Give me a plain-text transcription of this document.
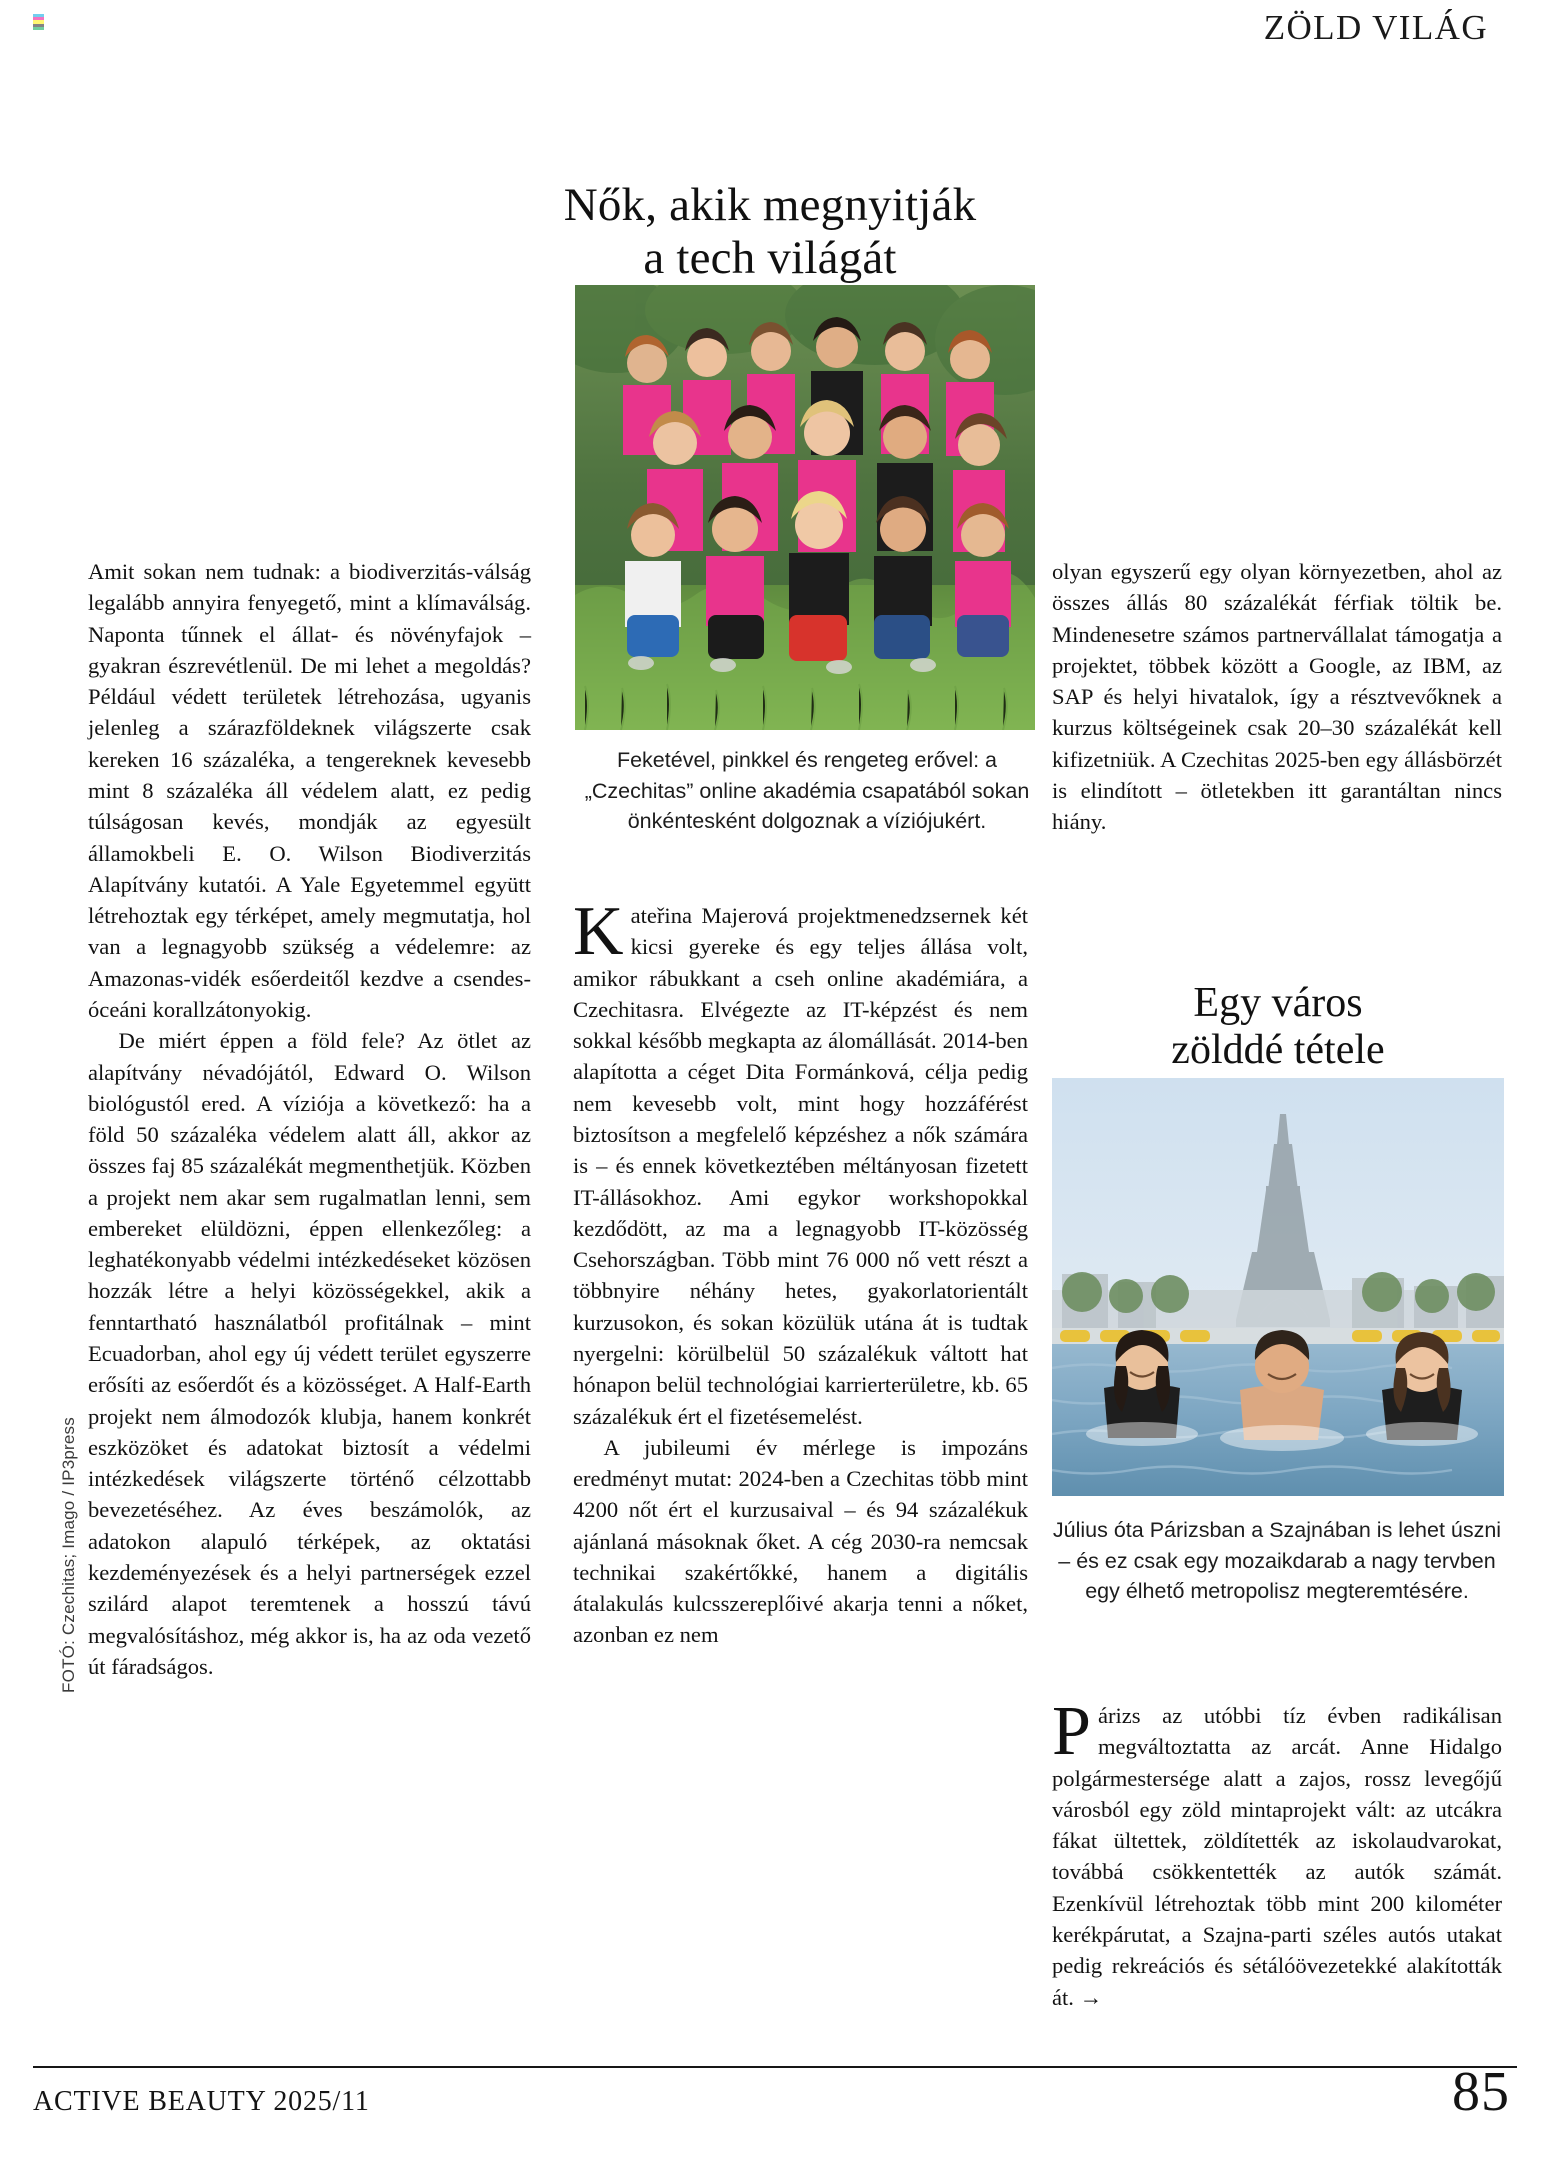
ZÖLD VILÁG
Nők, akik megnyitják
a tech világát
Feketével, pinkkel és rengeteg erővel: a „Czechitas” online akadémia csapatából sokan önkéntesként dolgoznak a víziójukért.

Amit sokan nem tudnak: a biodiverzitás-válság legalább annyira fenyegető, mint a klímaválság. Naponta tűnnek el állat- és növényfajok – gyakran észrevétlenül. De mi lehet a megoldás? Például védett területek létrehozása, ugyanis jelenleg a szárazföldeknek világszerte csak kereken 16 százaléka, a tengereknek kevesebb mint 8 százaléka áll védelem alatt, ez pedig túlságosan kevés, mondják az egyesült államokbeli E. O. Wilson Biodiverzitás Alapítvány kutatói. A Yale Egyetemmel együtt létrehoztak egy térképet, amely megmutatja, hol van a legnagyobb szükség a védelemre: az Amazonas-vidék esőerdeitől kezdve a csendes-óceáni korallzátonyokig.

De miért éppen a föld fele? Az ötlet az alapítvány névadójától, Edward O. Wilson biológustól ered. A víziója a következő: ha a föld 50 százaléka védelem alatt áll, akkor az összes faj 85 százalékát megmenthetjük. Közben a projekt nem akar sem rugalmatlan lenni, sem embereket elüldözni, éppen ellenkezőleg: a leghatékonyabb védelmi intézkedéseket közösen hozzák létre a helyi közösségekkel, akik a fenntartható használatból profitálnak – mint Ecuadorban, ahol egy új védett terület egyszerre erősíti az esőerdőt és a közösséget. A Half-Earth projekt nem álmodozók klubja, hanem konkrét eszközöket és adatokat biztosít a védelmi intézkedések világszerte történő célzottabb bevezetéséhez. Az éves beszámolók, az adatokon alapuló térképek, az oktatási kezdeményezések és a helyi partnerségek ezzel szilárd alapot teremtenek a hosszú távú megvalósításhoz, még akkor is, ha az oda vezető út fáradságos.

Kateřina Majerová projektmenedzsernek két kicsi gyereke és egy teljes állása volt, amikor rábukkant a cseh online akadémiára, a Czechitasra. Elvégezte az IT-képzést és nem sokkal később megkapta az álomállását. 2014-ben alapította a céget Dita Formánková, célja pedig nem kevesebb volt, mint hogy hozzáférést biztosítson a megfelelő képzéshez a nők számára is – és ennek következtében méltányosan fizetett IT-állásokhoz. Ami egykor workshopokkal kezdődött, az ma a legnagyobb IT-közösség Csehországban. Több mint 76 000 nő vett részt a többnyire néhány hetes, gyakorlatorientált kurzusokon, és sokan közülük utána át is tudtak nyergelni: körülbelül 50 százalékuk váltott hat hónapon belül technológiai karrierterületre, kb. 65 százalékuk ért el fizetésemelést.

A jubileumi év mérlege is impozáns eredményt mutat: 2024-ben a Czechitas több mint 4200 nőt ért el kurzusaival – és 94 százalékuk ajánlaná másoknak őket. A cég 2030-ra nemcsak technikai szakértőkké, hanem a digitális átalakulás kulcsszereplőivé akarja tenni a nőket, azonban ez nem

olyan egyszerű egy olyan környezetben, ahol az összes állás 80 százalékát férfiak töltik be. Mindenesetre számos partnervállalat támogatja a projektet, többek között a Google, az IBM, az SAP és helyi hivatalok, így a résztvevőknek a kurzus költségeinek csak 20–30 százalékát kell kifizetniük. A Czechitas 2025-ben egy állásbörzét is elindított – ötletekben itt garantáltan nincs hiány.

Egy város
zölddé tétele
Július óta Párizsban a Szajnában is lehet úszni – és ez csak egy mozaikdarab a nagy tervben egy élhető metropolisz megteremtésére.

Párizs az utóbbi tíz évben radikálisan megváltoztatta az arcát. Anne Hidalgo polgármestersége alatt a zajos, rossz levegőjű városból egy zöld mintaprojekt vált: az utcákra fákat ültettek, zöldítették az iskolaudvarokat, továbbá csökkentették az autók számát. Ezenkívül létrehoztak több mint 200 kilométer kerékpárutat, a Szajna-parti széles autós utakat pedig rekreációs és sétálóövezetekké alakították át. →

FOTÓ: Czechitas; Imago / IP3press
ACTIVE BEAUTY 2025/11	85
